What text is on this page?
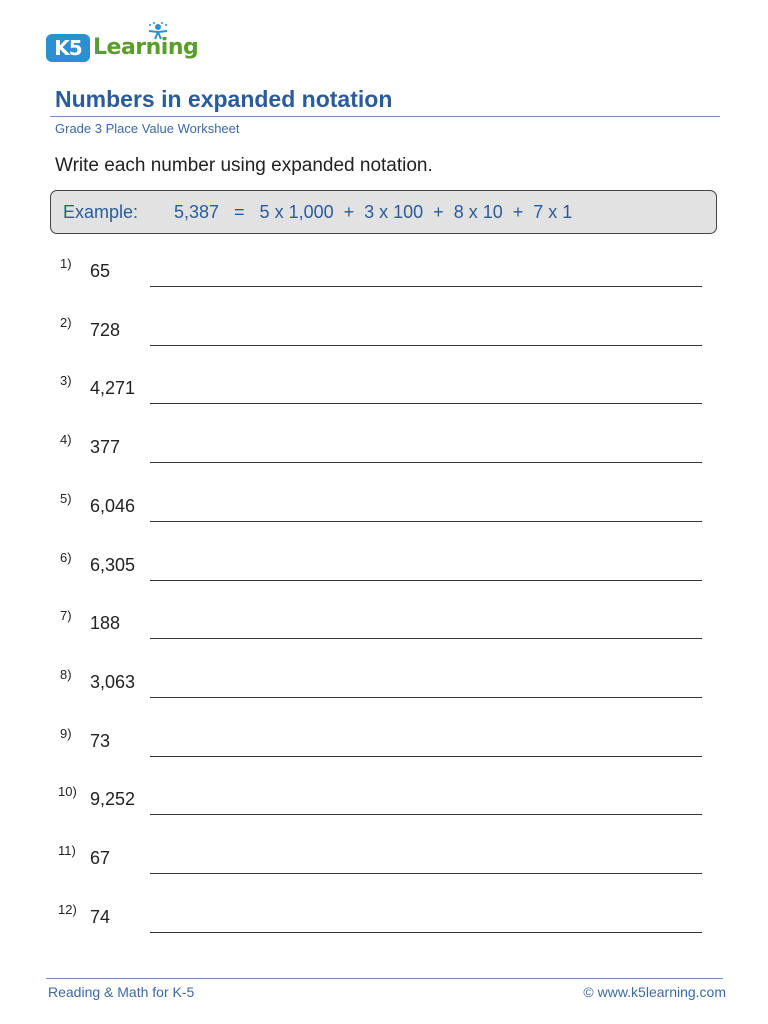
K5 Learning
Numbers in expanded notation
Grade 3 Place Value Worksheet
Write each number using expanded notation.
Example: 5,387   =   5 x 1,000  +  3 x 100  +  8 x 10  +  7 x 1
1) 65
2) 728
3) 4,271
4) 377
5) 6,046
6) 6,305
7) 188
8) 3,063
9) 73
10) 9,252
11) 67
12) 74
Reading & Math for K-5	© www.k5learning.com
